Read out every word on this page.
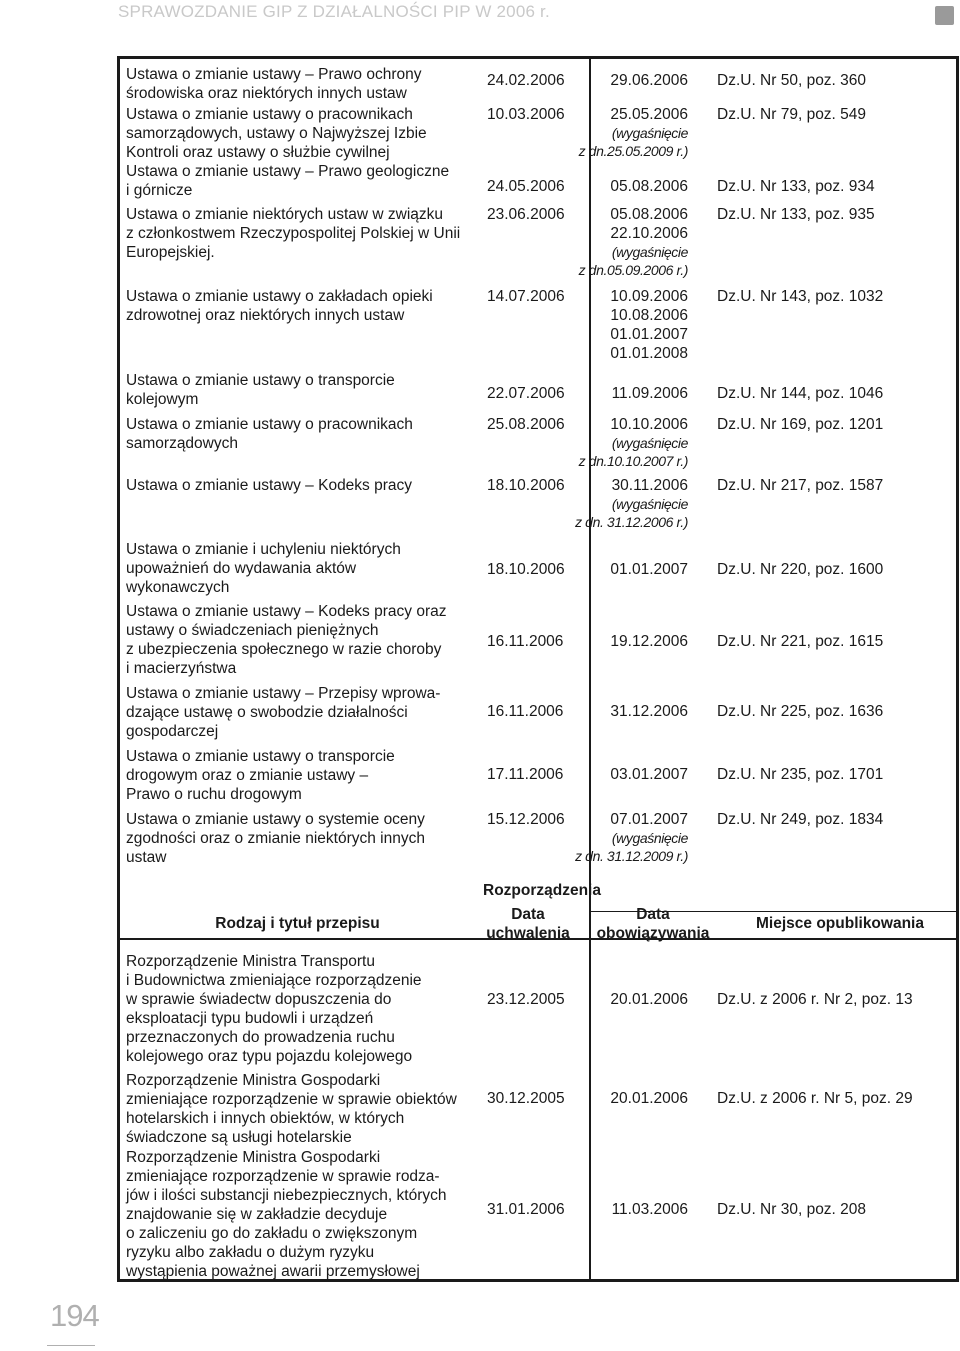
SPRAWOZDANIE GIP Z DZIAŁALNOŚCI PIP W 2006 r.
Ustawa o zmianie ustawy – Prawo ochrony
środowiska oraz niektórych innych ustaw
24.02.2006	29.06.2006 Dz.U. Nr 50, poz. 360
Ustawa o zmianie ustawy o pracownikach
samorządowych, ustawy o Najwyższej Izbie
Kontroli oraz ustawy o służbie cywilnej
10.03.2006	25.05.2006
(wygaśnięcie
z dn.25.05.2009 r.)
Dz.U. Nr 79, poz. 549
Ustawa o zmianie ustawy – Prawo geologiczne
i górnicze	24.05.2006	05.08.2006 Dz.U. Nr 133, poz. 934
Ustawa o zmianie niektórych ustaw w związku
z członkostwem Rzeczypospolitej Polskiej w Unii
Europejskiej.
23.06.2006	05.08.2006
22.10.2006
(wygaśnięcie
z dn.05.09.2006 r.)
Dz.U. Nr 133, poz. 935
Ustawa o zmianie ustawy o zakładach opieki
zdrowotnej oraz niektórych innych ustaw
14.07.2006	10.09.2006
10.08.2006
01.01.2007
01.01.2008
Dz.U. Nr 143, poz. 1032
Ustawa o zmianie ustawy o transporcie
kolejowym	22.07.2006	11.09.2006 Dz.U. Nr 144, poz. 1046
Ustawa o zmianie ustawy o pracownikach
samorządowych
25.08.2006	10.10.2006
(wygaśnięcie
z dn.10.10.2007 r.)
Dz.U. Nr 169, poz. 1201
Ustawa o zmianie ustawy – Kodeks pracy	18.10.2006	30.11.2006
(wygaśnięcie
z dn. 31.12.2006 r.)
Dz.U. Nr 217, poz. 1587
Ustawa o zmianie i uchyleniu niektórych
upoważnień do wydawania aktów
wykonawczych
18.10.2006	01.01.2007 Dz.U. Nr 220, poz. 1600
Ustawa o zmianie ustawy – Kodeks pracy oraz
ustawy o świadczeniach pieniężnych
z ubezpieczenia społecznego w razie choroby
i macierzyństwa
16.11.2006	19.12.2006 Dz.U. Nr 221, poz. 1615
Ustawa o zmianie ustawy – Przepisy wprowa-
dzające ustawę o swobodzie działalności
gospodarczej
16.11.2006	31.12.2006 Dz.U. Nr 225, poz. 1636
Ustawa o zmianie ustawy o transporcie
drogowym oraz o zmianie ustawy –
Prawo o ruchu drogowym
17.11.2006	03.01.2007 Dz.U. Nr 235, poz. 1701
Ustawa o zmianie ustawy o systemie oceny
zgodności oraz o zmianie niektórych innych
ustaw
15.12.2006	07.01.2007
(wygaśnięcie
z dn. 31.12.2009 r.)
Dz.U. Nr 249, poz. 1834
Rozporządzenia
Rodzaj i tytuł przepisu
Data
uchwalenia
Data
obowiązywania
Miejsce opublikowania
Rozporządzenie Ministra Transportu
i Budownictwa zmieniające rozporządzenie
w sprawie świadectw dopuszczenia do
eksploatacji typu budowli i urządzeń
przeznaczonych do prowadzenia ruchu
kolejowego oraz typu pojazdu kolejowego
23.12.2005	20.01.2006 Dz.U. z 2006 r. Nr 2, poz. 13
Rozporządzenie Ministra Gospodarki
zmieniające rozporządzenie w sprawie obiektów
hotelarskich i innych obiektów, w których
świadczone są usługi hotelarskie
30.12.2005	20.01.2006 Dz.U. z 2006 r. Nr 5, poz. 29
Rozporządzenie Ministra Gospodarki
zmieniające rozporządzenie w sprawie rodza-
jów i ilości substancji niebezpiecznych, których
znajdowanie się w zakładzie decyduje
o zaliczeniu go do zakładu o zwiększonym
ryzyku albo zakładu o dużym ryzyku
wystąpienia poważnej awarii przemysłowej
31.01.2006	11.03.2006 Dz.U. Nr 30, poz. 208
194
